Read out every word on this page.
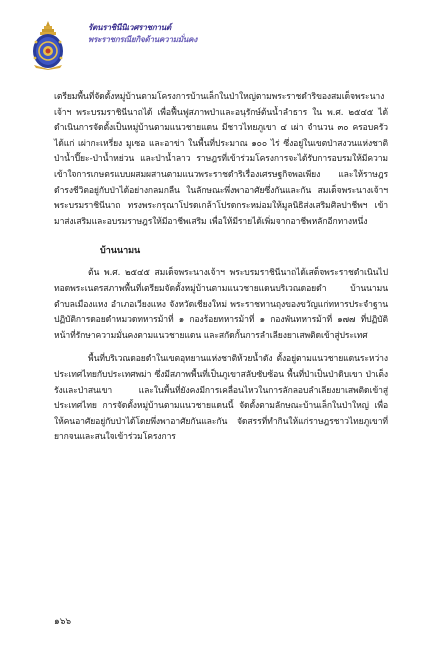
รัตนราชินีนิเวศราชกานต์
พระราชกรณียกิจด้านความมั่นคง

เตรียมพื้นที่จัดตั้งหมู่บ้านตามโครงการบ้านเล็กในป่าใหญ่ตามพระราชดำริของสมเด็จพระนางเจ้าฯ พระบรมราชินีนาถได้ เพื่อฟื้นฟูสภาพป่าและอนุรักษ์ต้นน้ำลำธาร ใน พ.ศ. ๒๕๔๕ ได้ดำเนินการจัดตั้งเป็นหมู่บ้านตามแนวชายแดน มีชาวไทยภูเขา ๔ เผ่า จำนวน ๓๐ ครอบครัว ได้แก่ เผ่ากะเหรี่ยง มูเซอ และอาข่า ในพื้นที่ประมาณ ๑๐๐ ไร่ ซึ่งอยู่ในเขตป่าสงวนแห่งชาติ ป่าน้ำปี๊ยะ-ป่าน้ำหย่วน และป่าน้ำลาว ราษฎรที่เข้าร่วมโครงการจะได้รับการอบรมให้มีความเข้าใจการเกษตรแบบผสมผสานตามแนวพระราชดำริเรื่องเศรษฐกิจพอเพียง และให้ราษฎรดำรงชีวิตอยู่กับป่าได้อย่างกลมกลืน ในลักษณะพึ่งพาอาศัยซึ่งกันและกัน สมเด็จพระนางเจ้าฯ พระบรมราชินีนาถ ทรงพระกรุณาโปรดเกล้าโปรดกระหม่อมให้มูลนิธิส่งเสริมศิลปาชีพฯ เข้ามาส่งเสริมและอบรมราษฎรให้มีอาชีพเสริม เพื่อให้มีรายได้เพิ่มจากอาชีพหลักอีกทางหนึ่ง

บ้านนามน

ต้น พ.ศ. ๒๕๔๕ สมเด็จพระนางเจ้าฯ พระบรมราชินีนาถได้เสด็จพระราชดำเนินไปทอดพระเนตรสภาพพื้นที่เตรียมจัดตั้งหมู่บ้านตามแนวชายแดนบริเวณดอยดำ บ้านนามน ตำบลเมืองแหง อำเภอเวียงแหง จังหวัดเชียงใหม่ พระราชทานถุงของขวัญแก่ทหารประจำฐานปฏิบัติการดอยดำหมวดทหารม้าที่ ๑ กองร้อยทหารม้าที่ ๑ กองพันทหารม้าที่ ๑๗๗ ที่ปฏิบัติหน้าที่รักษาความมั่นคงตามแนวชายแดน และสกัดกั้นการลำเลียงยาเสพติดเข้าสู่ประเทศ

พื้นที่บริเวณดอยดำในเขตอุทยานแห่งชาติห้วยน้ำดัง ตั้งอยู่ตามแนวชายแดนระหว่างประเทศไทยกับประเทศพม่า ซึ่งมีสภาพพื้นที่เป็นภูเขาสลับซับซ้อน พื้นที่ป่าเป็นป่าดิบเขา ป่าเต็งรังและป่าสนเขา และในพื้นที่ยังคงมีการเคลื่อนไหวในการลักลอบลำเลียงยาเสพติดเข้าสู่ประเทศไทย การจัดตั้งหมู่บ้านตามแนวชายแดนนี้ จัดตั้งตามลักษณะบ้านเล็กในป่าใหญ่ เพื่อให้คนอาศัยอยู่กับป่าได้โดยพึ่งพาอาศัยกันและกัน จัดสรรที่ทำกินให้แก่ราษฎรชาวไทยภูเขาที่ยากจนและสนใจเข้าร่วมโครงการ

๑๖๖
